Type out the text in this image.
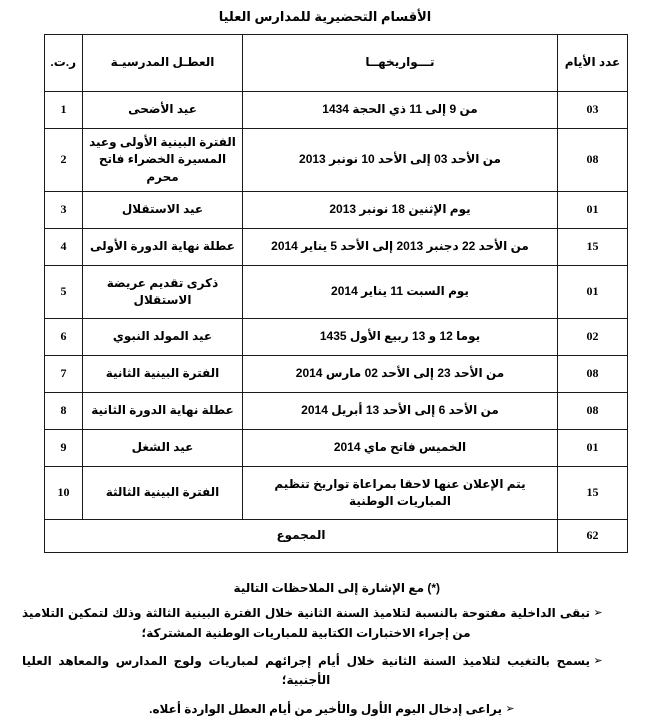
الأقسام التحضيرية للمدارس العليا
عدد الأيام	تـــواريخهــا	العطـل المدرسيـة	ر.ت.
03	من 9 إلى 11 ذي الحجة 1434	عيد الأضحى	1
08	من الأحد 03 إلى الأحد 10 نونبر 2013	الفترة البينية الأولى وعيد المسيرة الخضراء فاتح محرم	2
01	يوم الإثنين 18 نونبر 2013	عيد الاستقلال	3
15	من الأحد 22 دجنبر 2013 إلى الأحد 5 يناير 2014	عطلة نهاية الدورة الأولى	4
01	يوم السبت 11 يناير 2014	ذكرى تقديم عريضة الاستقلال	5
02	يوما 12 و 13 ربيع الأول 1435	عيد المولد النبوي	6
08	من الأحد 23 إلى الأحد 02 مارس 2014	الفترة البينية الثانية	7
08	من الأحد 6 إلى الأحد 13 أبريل 2014	عطلة نهاية الدورة الثانية	8
01	الخميس فاتح ماي 2014	عيد الشغل	9
15	يتم الإعلان عنها لاحقا بمراعاة تواريخ تنظيم المباريات الوطنية	الفترة البينية الثالثة	10
62	المجموع		
(*) مع الإشارة إلى الملاحظات التالية
➢
تبقى الداخلية مفتوحة بالنسبة لتلاميذ السنة الثانية خلال الفترة البينية الثالثة وذلك لتمكين التلاميذ من إجراء الاختبارات الكتابية للمباريات الوطنية المشتركة؛
➢
يسمح بالتغيب لتلاميذ السنة الثانية خلال أيام إجرائهم لمباريات ولوج المدارس والمعاهد العليا الأجنبية؛
➢
يراعى إدخال اليوم الأول والأخير من أيام العطل الواردة أعلاه.
